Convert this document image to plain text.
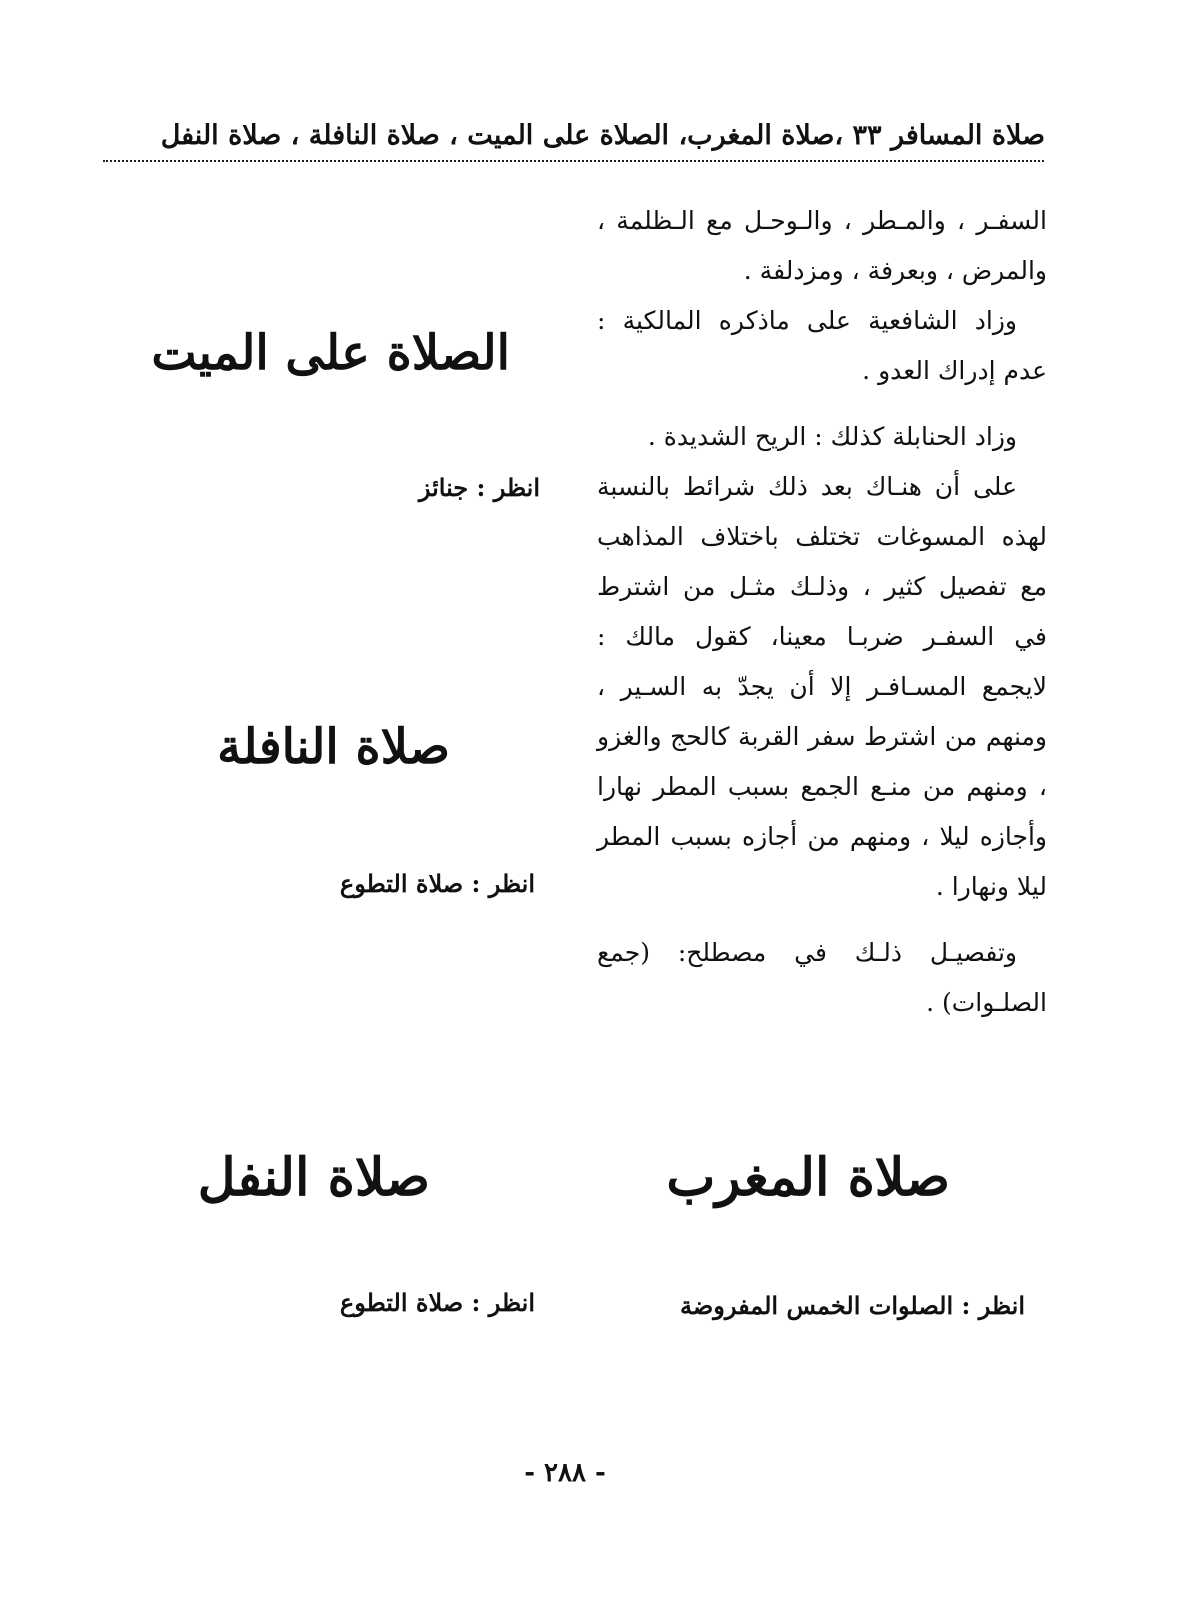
صلاة المسافر ٣٣ ،صلاة المغرب، الصلاة على الميت ، صلاة النافلة ، صلاة النفل

السفـر ، والمـطر ، والـوحـل مع الـظلمة ، والمرض ، وبعرفة ، ومزدلفة .

وزاد الشافعية على ماذكره المالكية : عدم إدراك العدو .

وزاد الحنابلة كذلك : الريح الشديدة .

على أن هنـاك بعد ذلك شرائط بالنسبة لهذه المسوغات تختلف باختلاف المذاهب مع تفصيل كثير ، وذلـك مثـل من اشترط في السفـر ضربـا معينا، كقول مالك : لايجمع المسـافـر إلا أن يجدّ به السـير ، ومنهم من اشترط سفر القربة كالحج والغزو ، ومنهم من منـع الجمع بسبب المطر نهارا وأجازه ليلا ، ومنهم من أجازه بسبب المطر ليلا ونهارا .

وتفصيـل ذلـك في مصطلح: (جمع الصلـوات) .

الصلاة على الميت
انظر : جنائز
صلاة النافلة
انظر : صلاة التطوع
صلاة المغرب
انظر : الصلوات الخمس المفروضة
صلاة النفل
انظر : صلاة التطوع
- ٢٨٨ -
